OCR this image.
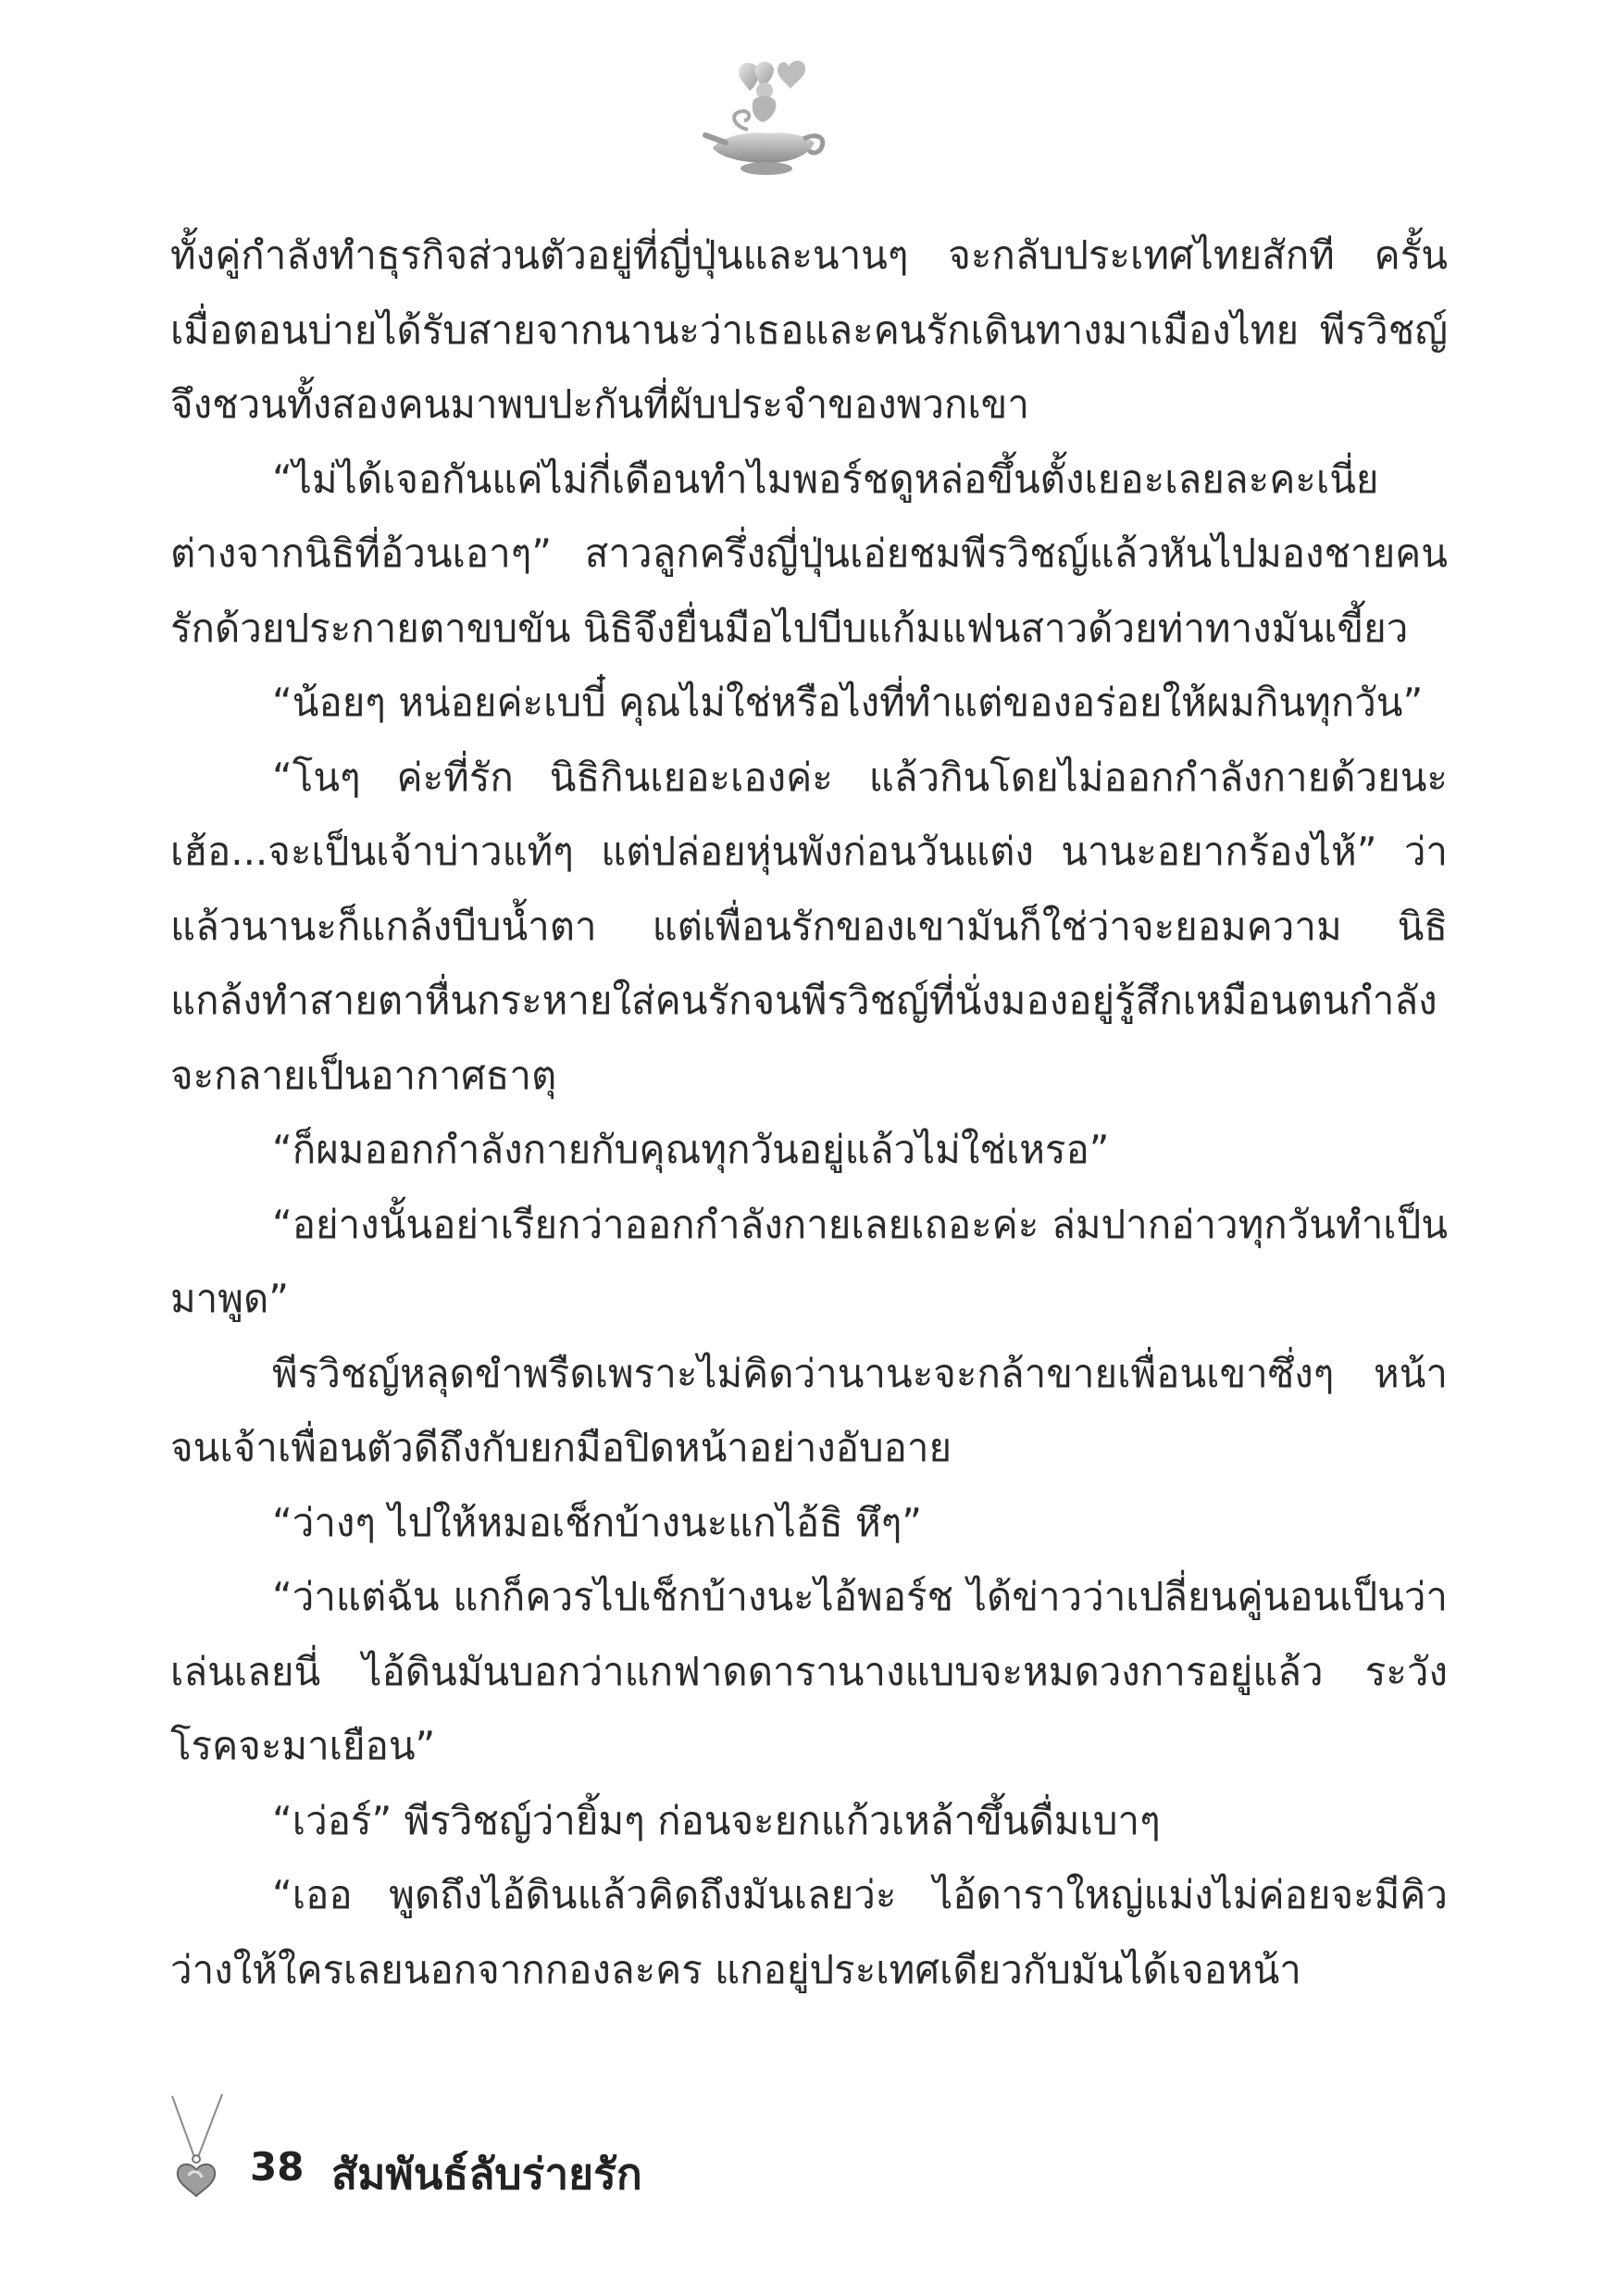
ทั้งคู่กำลังทำธุรกิจส่วนตัวอยู่ที่ญี่ปุ่นและนานๆ จะกลับประเทศไทยสักที ครั้นเมื่อตอนบ่ายได้รับสายจากนานะว่าเธอและคนรักเดินทางมาเมืองไทย พีรวิชญ์จึงชวนทั้งสองคนมาพบปะกันที่ผับประจำของพวกเขา

“ไม่ได้เจอกันแค่ไม่กี่เดือนทำไมพอร์ชดูหล่อขึ้นตั้งเยอะเลยละคะเนี่ย ต่างจากนิธิที่อ้วนเอาๆ” สาวลูกครึ่งญี่ปุ่นเอ่ยชมพีรวิชญ์แล้วหันไปมองชายคนรักด้วยประกายตาขบขัน นิธิจึงยื่นมือไปบีบแก้มแฟนสาวด้วยท่าทางมันเขี้ยว

“น้อยๆ หน่อยค่ะเบบี๋ คุณไม่ใช่หรือไงที่ทำแต่ของอร่อยให้ผมกินทุกวัน”

“โนๆ ค่ะที่รัก นิธิกินเยอะเองค่ะ แล้วกินโดยไม่ออกกำลังกายด้วยนะ เฮ้อ...จะเป็นเจ้าบ่าวแท้ๆ แต่ปล่อยหุ่นพังก่อนวันแต่ง นานะอยากร้องไห้” ว่าแล้วนานะก็แกล้งบีบน้ำตา แต่เพื่อนรักของเขามันก็ใช่ว่าจะยอมความ นิธิแกล้งทำสายตาหื่นกระหายใส่คนรักจนพีรวิชญ์ที่นั่งมองอยู่รู้สึกเหมือนตนกำลังจะกลายเป็นอากาศธาตุ

“ก็ผมออกกำลังกายกับคุณทุกวันอยู่แล้วไม่ใช่เหรอ”

“อย่างนั้นอย่าเรียกว่าออกกำลังกายเลยเถอะค่ะ ล่มปากอ่าวทุกวันทำเป็นมาพูด”

พีรวิชญ์หลุดขำพรืดเพราะไม่คิดว่านานะจะกล้าขายเพื่อนเขาซึ่งๆ หน้า จนเจ้าเพื่อนตัวดีถึงกับยกมือปิดหน้าอย่างอับอาย

“ว่างๆ ไปให้หมอเช็กบ้างนะแกไอ้ธิ หึๆ”

“ว่าแต่ฉัน แกก็ควรไปเช็กบ้างนะไอ้พอร์ช ได้ข่าวว่าเปลี่ยนคู่นอนเป็นว่าเล่นเลยนี่ ไอ้ดินมันบอกว่าแกฟาดดารานางแบบจะหมดวงการอยู่แล้ว ระวังโรคจะมาเยือน”

“เว่อร์” พีรวิชญ์ว่ายิ้มๆ ก่อนจะยกแก้วเหล้าขึ้นดื่มเบาๆ

“เออ พูดถึงไอ้ดินแล้วคิดถึงมันเลยว่ะ ไอ้ดาราใหญ่แม่งไม่ค่อยจะมีคิวว่างให้ใครเลยนอกจากกองละคร แกอยู่ประเทศเดียวกับมันได้เจอหน้า

38 สัมพันธ์ลับร่ายรัก
